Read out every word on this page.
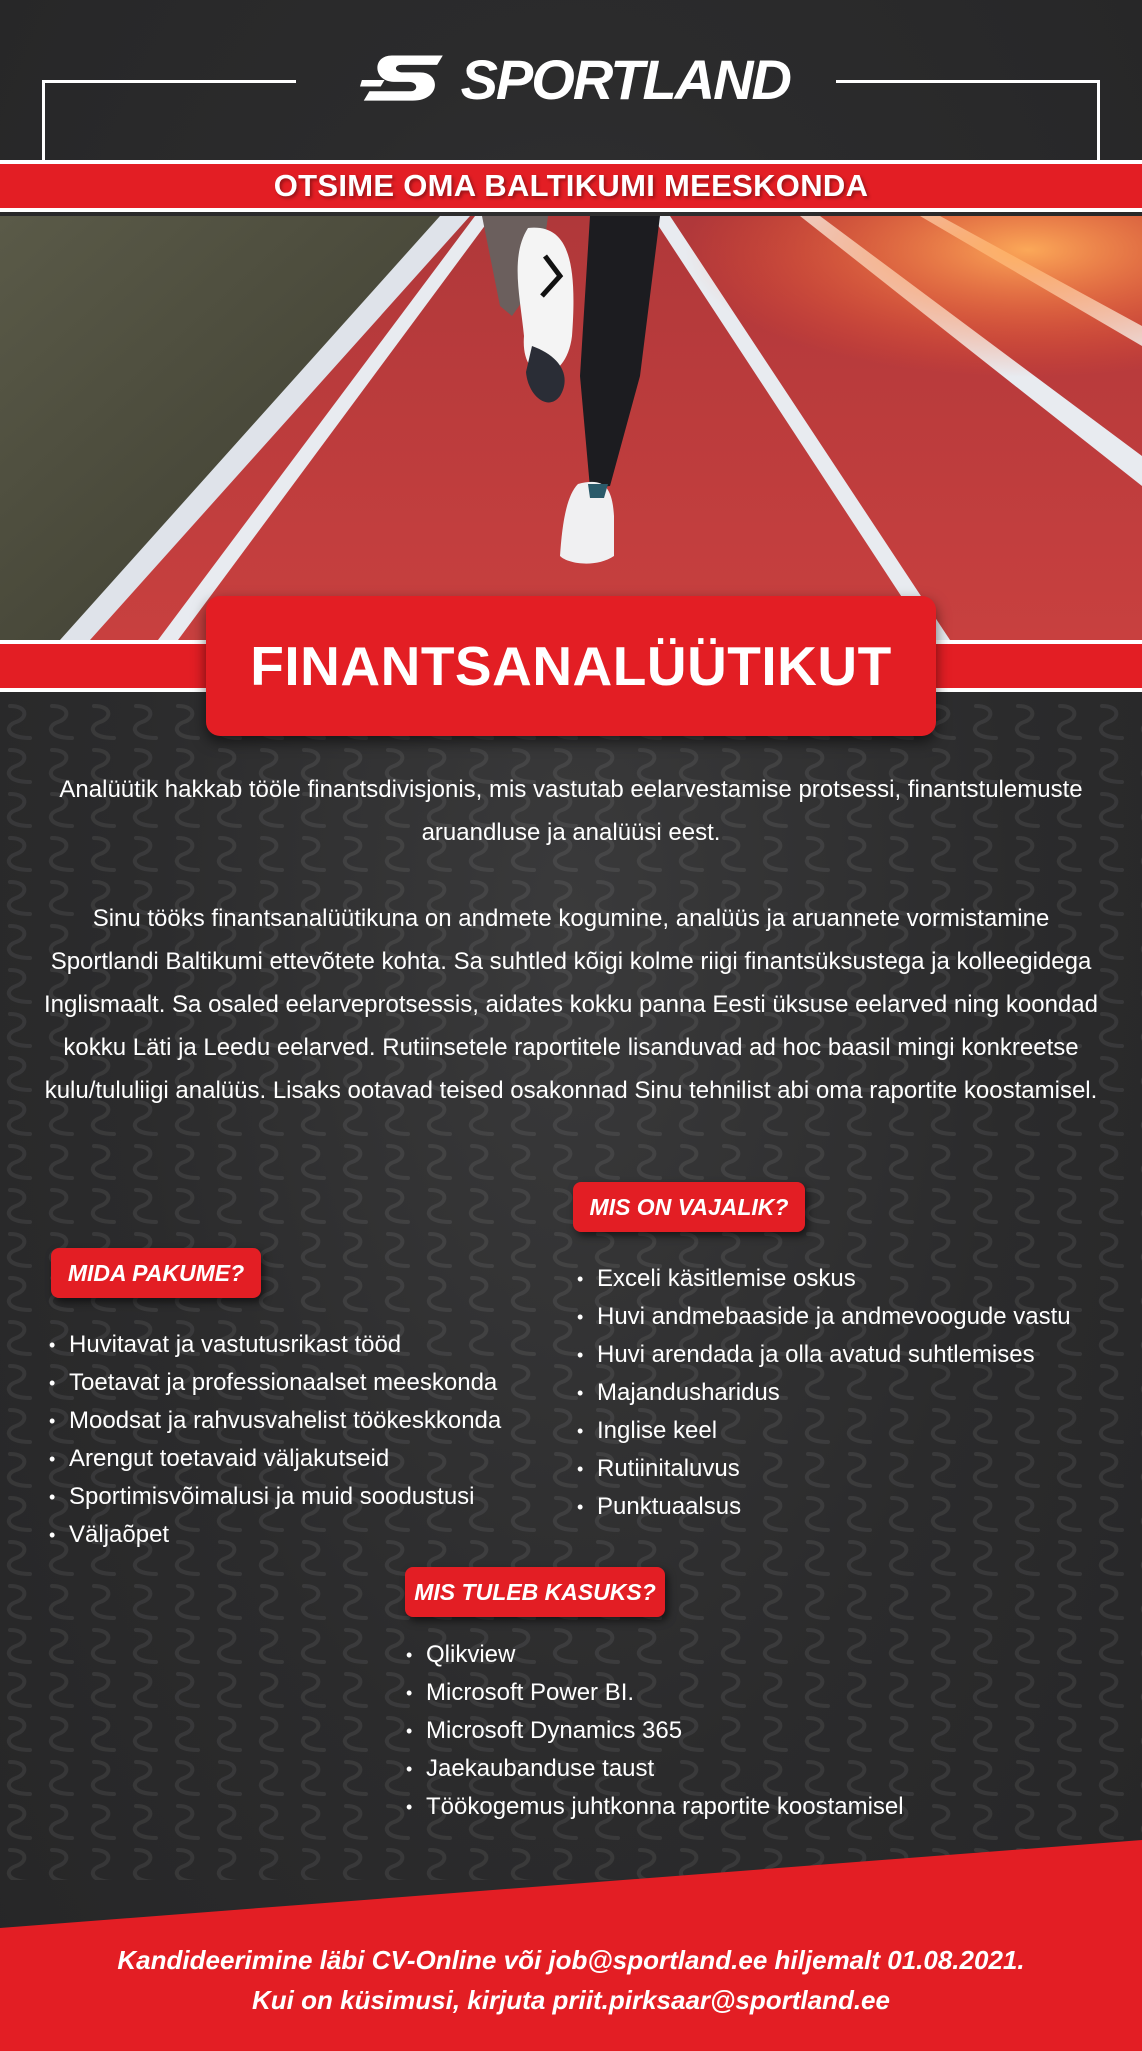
SPORTLAND
OTSIME OMA BALTIKUMI MEESKONDA
FINANTSANALÜÜTIKUT

Analüütik hakkab tööle finantsdivisjonis, mis vastutab eelarvestamise protsessi, finantstulemuste aruandluse ja analüüsi eest.

Sinu tööks finantsanalüütikuna on andmete kogumine, analüüs ja aruannete vormistamine Sportlandi Baltikumi ettevõtete kohta. Sa suhtled kõigi kolme riigi finantsüksustega ja kolleegidega Inglismaalt. Sa osaled eelarveprotsessis, aidates kokku panna Eesti üksuse eelarved ning koondad kokku Läti ja Leedu eelarved. Rutiinsetele raportitele lisanduvad ad hoc baasil mingi konkreetse kulu/tululiigi analüüs. Lisaks ootavad teised osakonnad Sinu tehnilist abi oma raportite koostamisel.

MIS ON VAJALIK?
• Exceli käsitlemise oskus
• Huvi andmebaaside ja andmevoogude vastu
• Huvi arendada ja olla avatud suhtlemises
• Majandusharidus
• Inglise keel
• Rutiinitaluvus
• Punktuaalsus
MIDA PAKUME?
• Huvitavat ja vastutusrikast tööd
• Toetavat ja professionaalset meeskonda
• Moodsat ja rahvusvahelist töökeskkonda
• Arengut toetavaid väljakutseid
• Sportimisvõimalusi ja muid soodustusi
• Väljaõpet
MIS TULEB KASUKS?
• Qlikview
• Microsoft Power BI.
• Microsoft Dynamics 365
• Jaekaubanduse taust
• Töökogemus juhtkonna raportite koostamisel
Kandideerimine läbi CV-Online või job@sportland.ee hiljemalt 01.08.2021.
Kui on küsimusi, kirjuta priit.pirksaar@sportland.ee
